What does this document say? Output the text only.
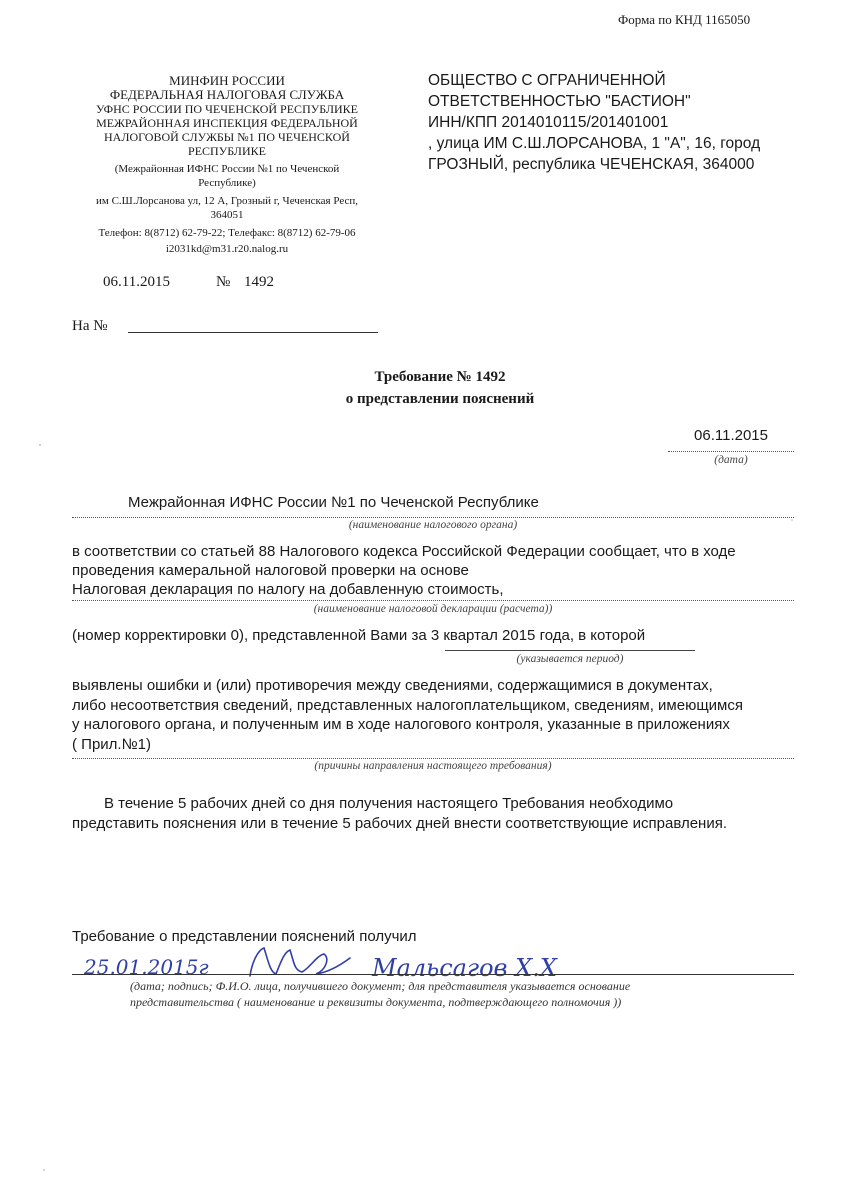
Форма по КНД 1165050
МИНФИН РОССИИ
ФЕДЕРАЛЬНАЯ НАЛОГОВАЯ СЛУЖБА
УФНС РОССИИ ПО ЧЕЧЕНСКОЙ РЕСПУБЛИКЕ
МЕЖРАЙОННАЯ ИНСПЕКЦИЯ ФЕДЕРАЛЬНОЙ
НАЛОГОВОЙ СЛУЖБЫ №1 ПО ЧЕЧЕНСКОЙ
РЕСПУБЛИКЕ
(Межрайонная ИФНС России №1 по Чеченской
Республике)
им С.Ш.Лорсанова ул, 12 А, Грозный г, Чеченская Респ,
364051
Телефон: 8(8712) 62-79-22; Телефакс: 8(8712) 62-79-06
i2031kd@m31.r20.nalog.ru
ОБЩЕСТВО С ОГРАНИЧЕННОЙ
ОТВЕТСТВЕННОСТЬЮ "БАСТИОН"
ИНН/КПП 2014010115/201401001
, улица ИМ С.Ш.ЛОРСАНОВА, 1 "А", 16, город
ГРОЗНЫЙ, республика ЧЕЧЕНСКАЯ, 364000
06.11.2015	№ 1492
На №
Требование № 1492
о представлении пояснений
06.11.2015
(дата)
Межрайонная ИФНС России №1 по Чеченской Республике
(наименование налогового органа)
в соответствии со статьей 88 Налогового кодекса Российской Федерации сообщает, что в ходе
проведения камеральной налоговой проверки на основе
Налоговая декларация по налогу на добавленную стоимость,
(наименование налоговой декларации (расчета))
(номер корректировки 0), представленной Вами за 3 квартал 2015 года, в которой
(указывается период)
выявлены ошибки и (или) противоречия между сведениями, содержащимися в документах,
либо несоответствия сведений, представленных налогоплательщиком, сведениям, имеющимся
у налогового органа, и полученным им в ходе налогового контроля, указанные в приложениях
( Прил.№1)
(причины направления настоящего требования)
В течение 5 рабочих дней со дня получения настоящего Требования необходимо
представить пояснения или в течение 5 рабочих дней внести соответствующие исправления.
Требование о представлении пояснений получил
25.01.2015г	Мальсагов Х.Х
(дата; подпись; Ф.И.О. лица, получившего документ; для представителя указывается основание
представительства ( наименование и реквизиты документа, подтверждающего полномочия ))
